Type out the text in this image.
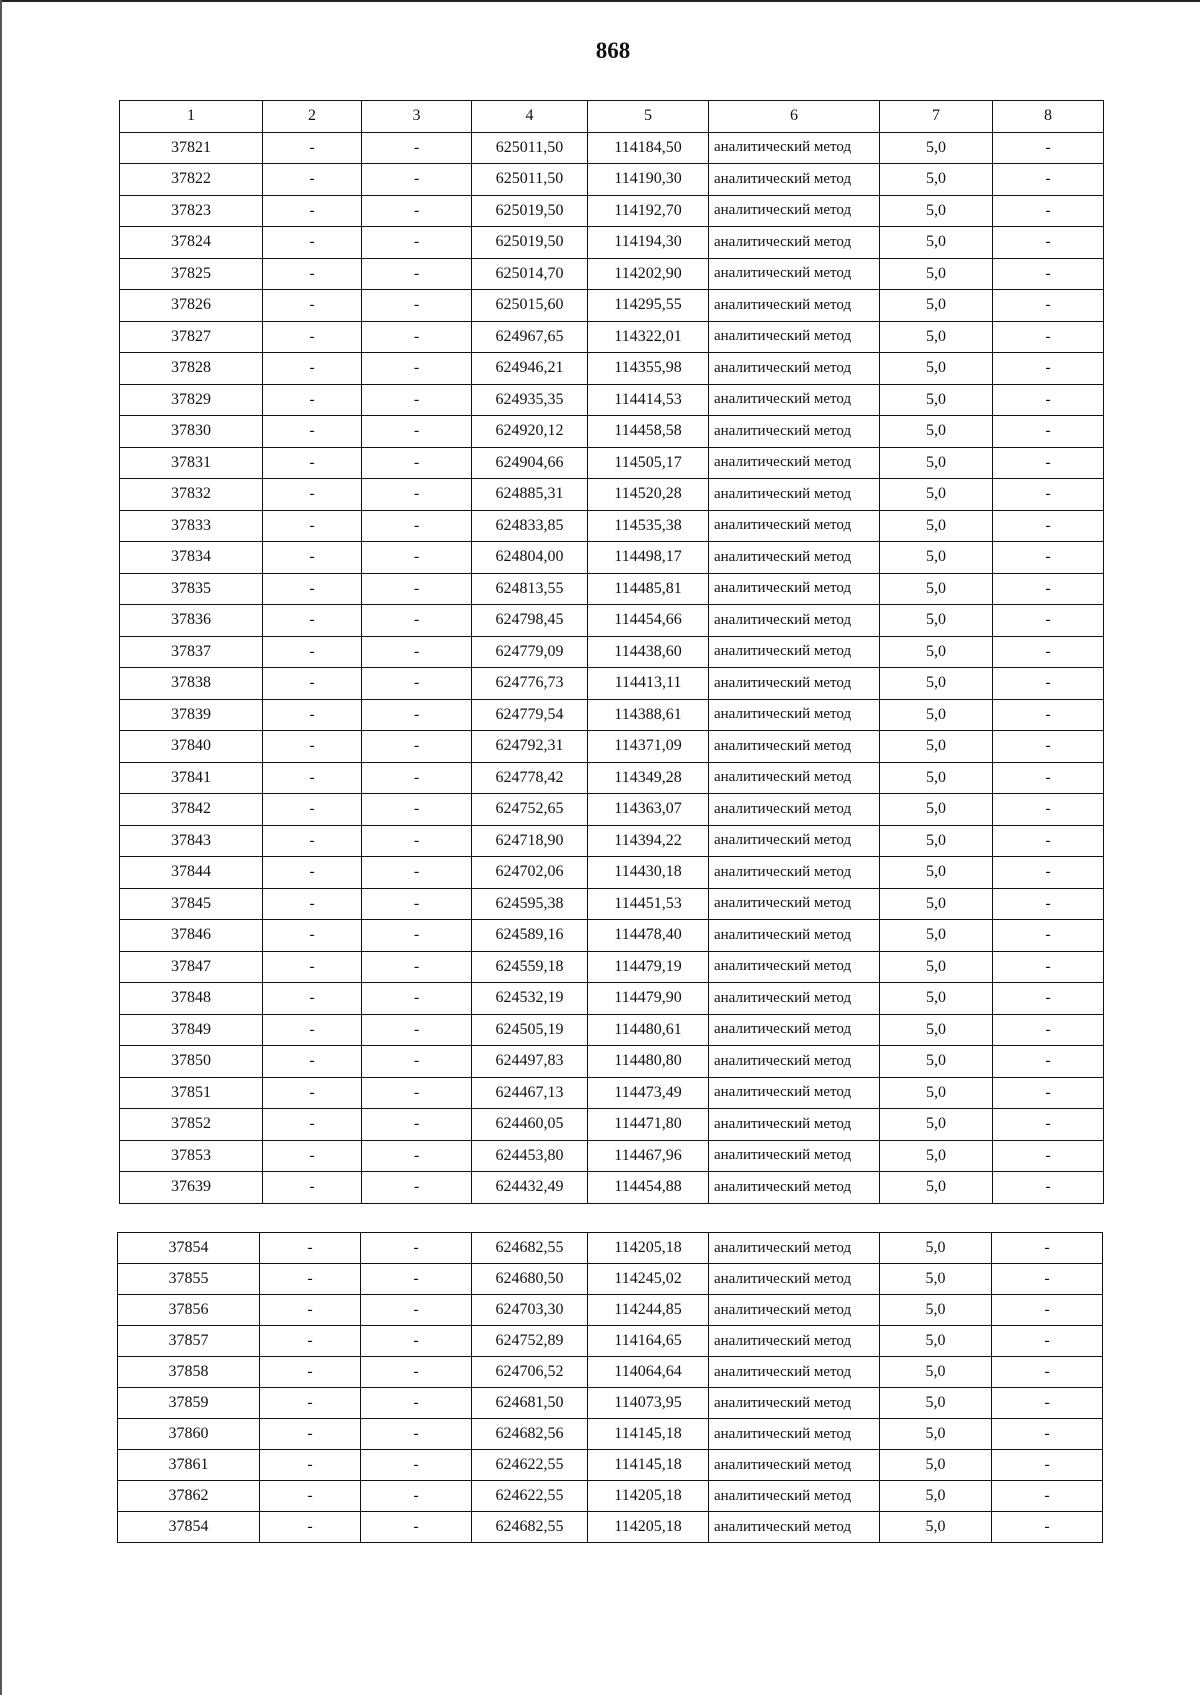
868
1	2	3	4	5	6	7	8
37821	-	-	625011,50	114184,50	аналитический метод	5,0	-
37822	-	-	625011,50	114190,30	аналитический метод	5,0	-
37823	-	-	625019,50	114192,70	аналитический метод	5,0	-
37824	-	-	625019,50	114194,30	аналитический метод	5,0	-
37825	-	-	625014,70	114202,90	аналитический метод	5,0	-
37826	-	-	625015,60	114295,55	аналитический метод	5,0	-
37827	-	-	624967,65	114322,01	аналитический метод	5,0	-
37828	-	-	624946,21	114355,98	аналитический метод	5,0	-
37829	-	-	624935,35	114414,53	аналитический метод	5,0	-
37830	-	-	624920,12	114458,58	аналитический метод	5,0	-
37831	-	-	624904,66	114505,17	аналитический метод	5,0	-
37832	-	-	624885,31	114520,28	аналитический метод	5,0	-
37833	-	-	624833,85	114535,38	аналитический метод	5,0	-
37834	-	-	624804,00	114498,17	аналитический метод	5,0	-
37835	-	-	624813,55	114485,81	аналитический метод	5,0	-
37836	-	-	624798,45	114454,66	аналитический метод	5,0	-
37837	-	-	624779,09	114438,60	аналитический метод	5,0	-
37838	-	-	624776,73	114413,11	аналитический метод	5,0	-
37839	-	-	624779,54	114388,61	аналитический метод	5,0	-
37840	-	-	624792,31	114371,09	аналитический метод	5,0	-
37841	-	-	624778,42	114349,28	аналитический метод	5,0	-
37842	-	-	624752,65	114363,07	аналитический метод	5,0	-
37843	-	-	624718,90	114394,22	аналитический метод	5,0	-
37844	-	-	624702,06	114430,18	аналитический метод	5,0	-
37845	-	-	624595,38	114451,53	аналитический метод	5,0	-
37846	-	-	624589,16	114478,40	аналитический метод	5,0	-
37847	-	-	624559,18	114479,19	аналитический метод	5,0	-
37848	-	-	624532,19	114479,90	аналитический метод	5,0	-
37849	-	-	624505,19	114480,61	аналитический метод	5,0	-
37850	-	-	624497,83	114480,80	аналитический метод	5,0	-
37851	-	-	624467,13	114473,49	аналитический метод	5,0	-
37852	-	-	624460,05	114471,80	аналитический метод	5,0	-
37853	-	-	624453,80	114467,96	аналитический метод	5,0	-
37639	-	-	624432,49	114454,88	аналитический метод	5,0	-
37854	-	-	624682,55	114205,18	аналитический метод	5,0	-
37855	-	-	624680,50	114245,02	аналитический метод	5,0	-
37856	-	-	624703,30	114244,85	аналитический метод	5,0	-
37857	-	-	624752,89	114164,65	аналитический метод	5,0	-
37858	-	-	624706,52	114064,64	аналитический метод	5,0	-
37859	-	-	624681,50	114073,95	аналитический метод	5,0	-
37860	-	-	624682,56	114145,18	аналитический метод	5,0	-
37861	-	-	624622,55	114145,18	аналитический метод	5,0	-
37862	-	-	624622,55	114205,18	аналитический метод	5,0	-
37854	-	-	624682,55	114205,18	аналитический метод	5,0	-
